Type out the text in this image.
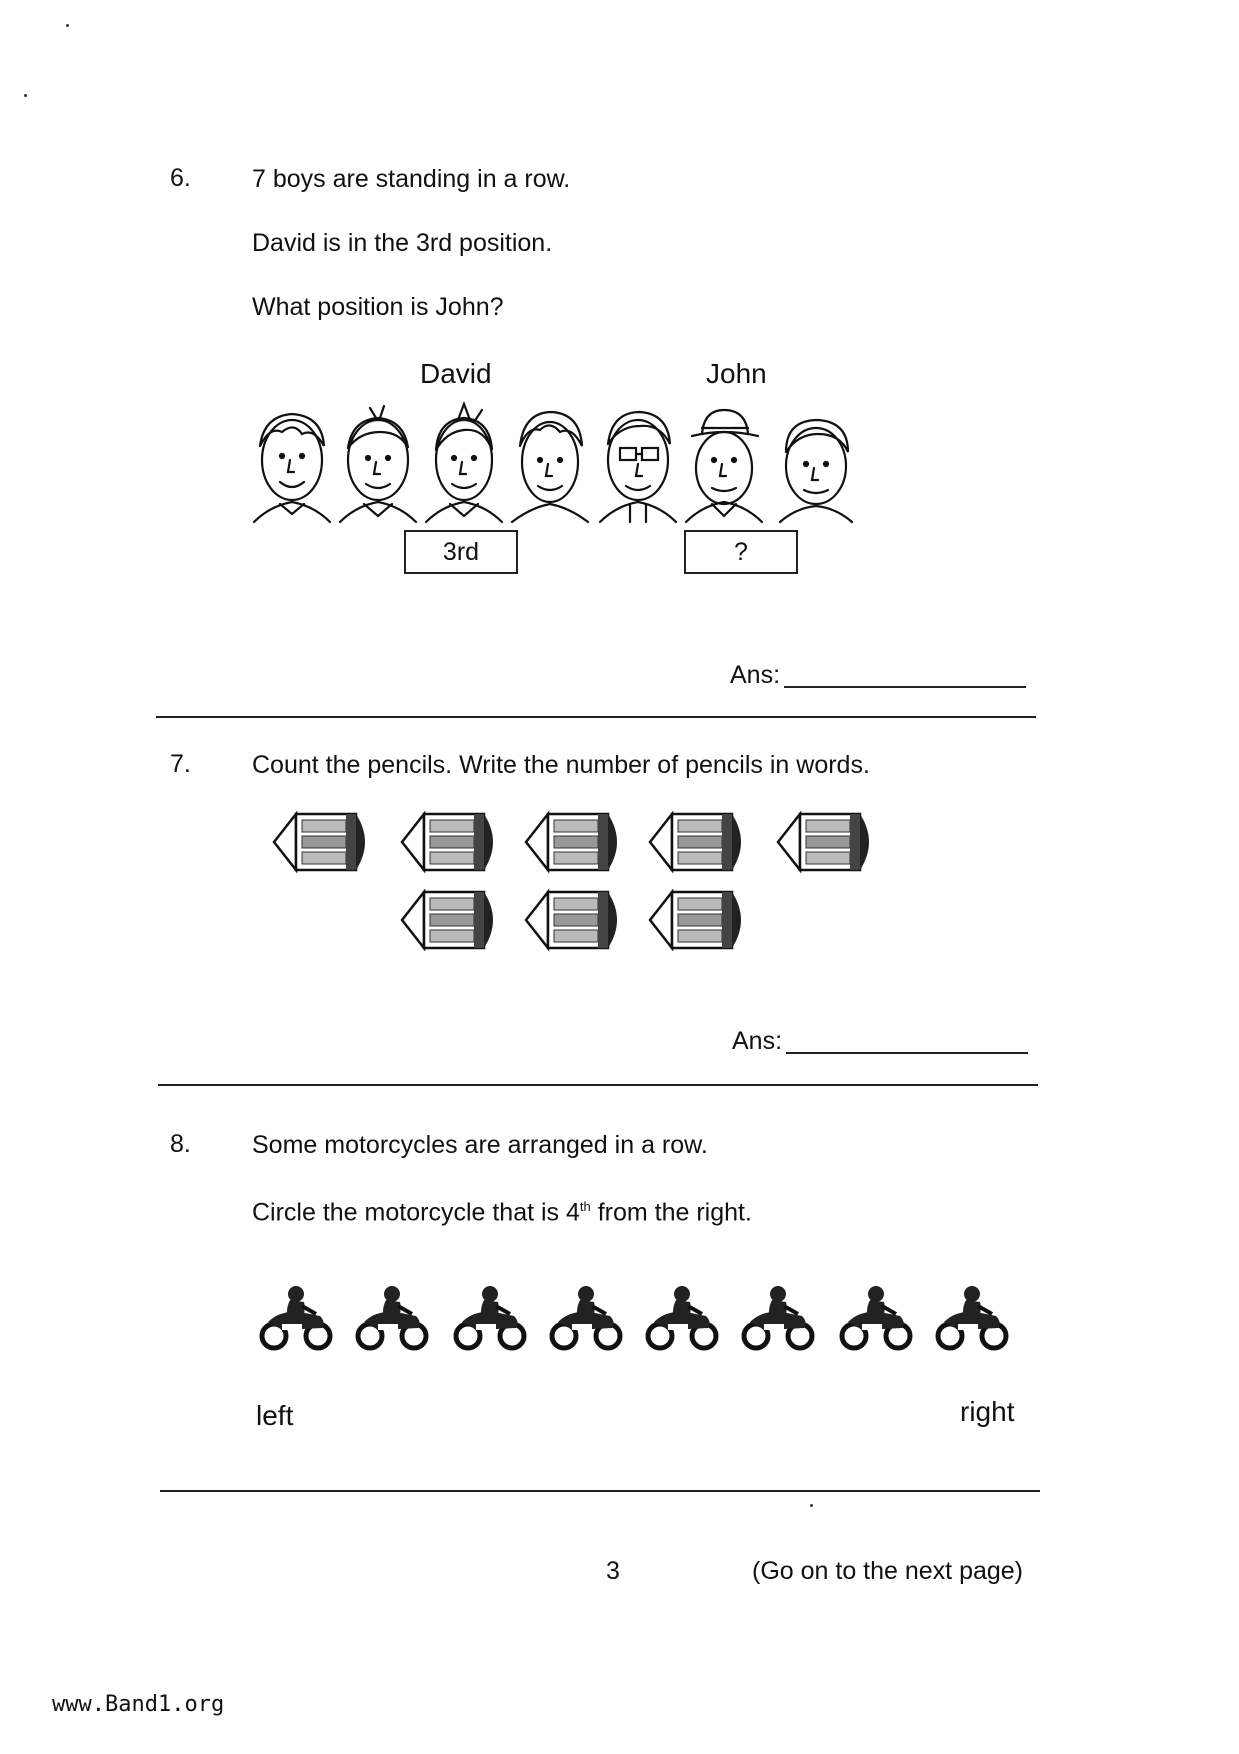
6. 7 boys are standing in a row.
David is in the 3rd position.
What position is John?
David	John
3rd	?
Ans:
7. Count the pencils. Write the number of pencils in words.
Ans:
8. Some motorcycles are arranged in a row.
Circle the motorcycle that is 4th from the right.
left	right
3	(Go on to the next page)
www.Band1.org
